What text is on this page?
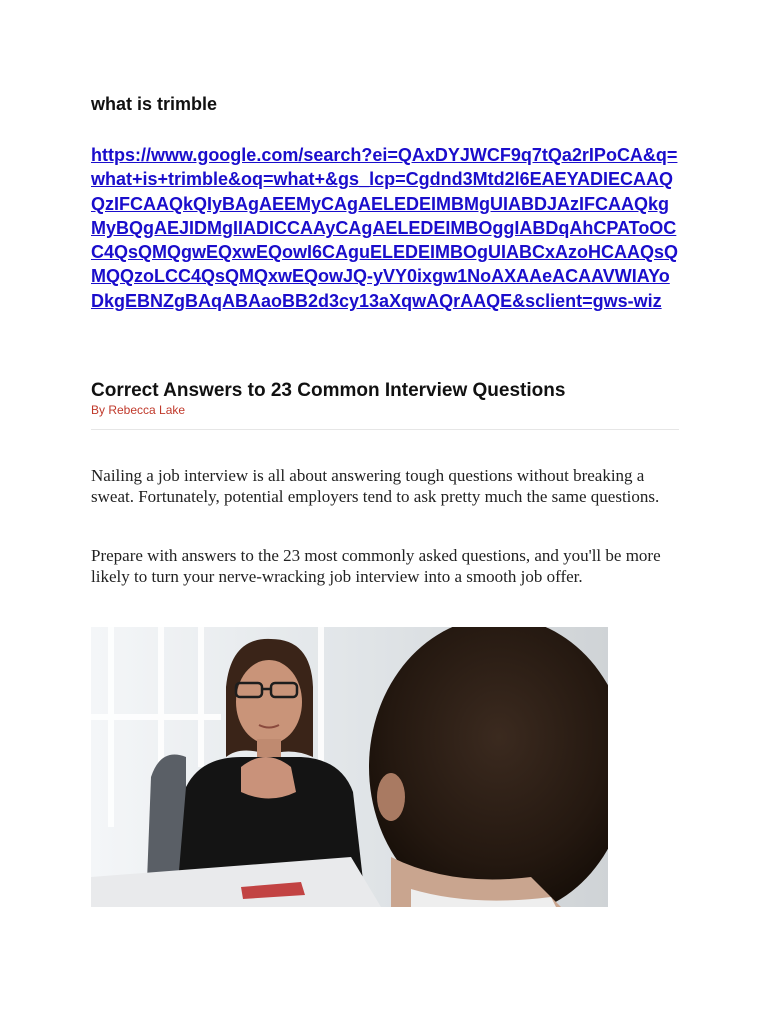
what is trimble
https://www.google.com/search?ei=QAxDYJWCF9q7tQa2rIPoCA&q=what+is+trimble&oq=what+&gs_lcp=Cgdnd3Mtd2l6EAEYADIECAAQQzIFCAAQkQIyBAgAEEMyCAgAELEDEIMBMgUIABDJAzIFCAAQkgMyBQgAEJIDMgIIADICCAAyCAgAELEDEIMBOggIABDqAhCPAToOCC4QsQMQgwEQxwEQowI6CAguELEDEIMBOgUIABCxAzoHCAAQsQMQQzoLCC4QsQMQxwEQowJQ-yVY0ixgw1NoAXAAeACAAVWIAYoDkgEBNZgBAqABAaoBB2d3cy13aXqwAQrAAQE&sclient=gws-wiz
Correct Answers to 23 Common Interview Questions
By Rebecca Lake

Nailing a job interview is all about answering tough questions without breaking a sweat. Fortunately, potential employers tend to ask pretty much the same questions.

Prepare with answers to the 23 most commonly asked questions, and you'll be more likely to turn your nerve-wracking job interview into a smooth job offer.
